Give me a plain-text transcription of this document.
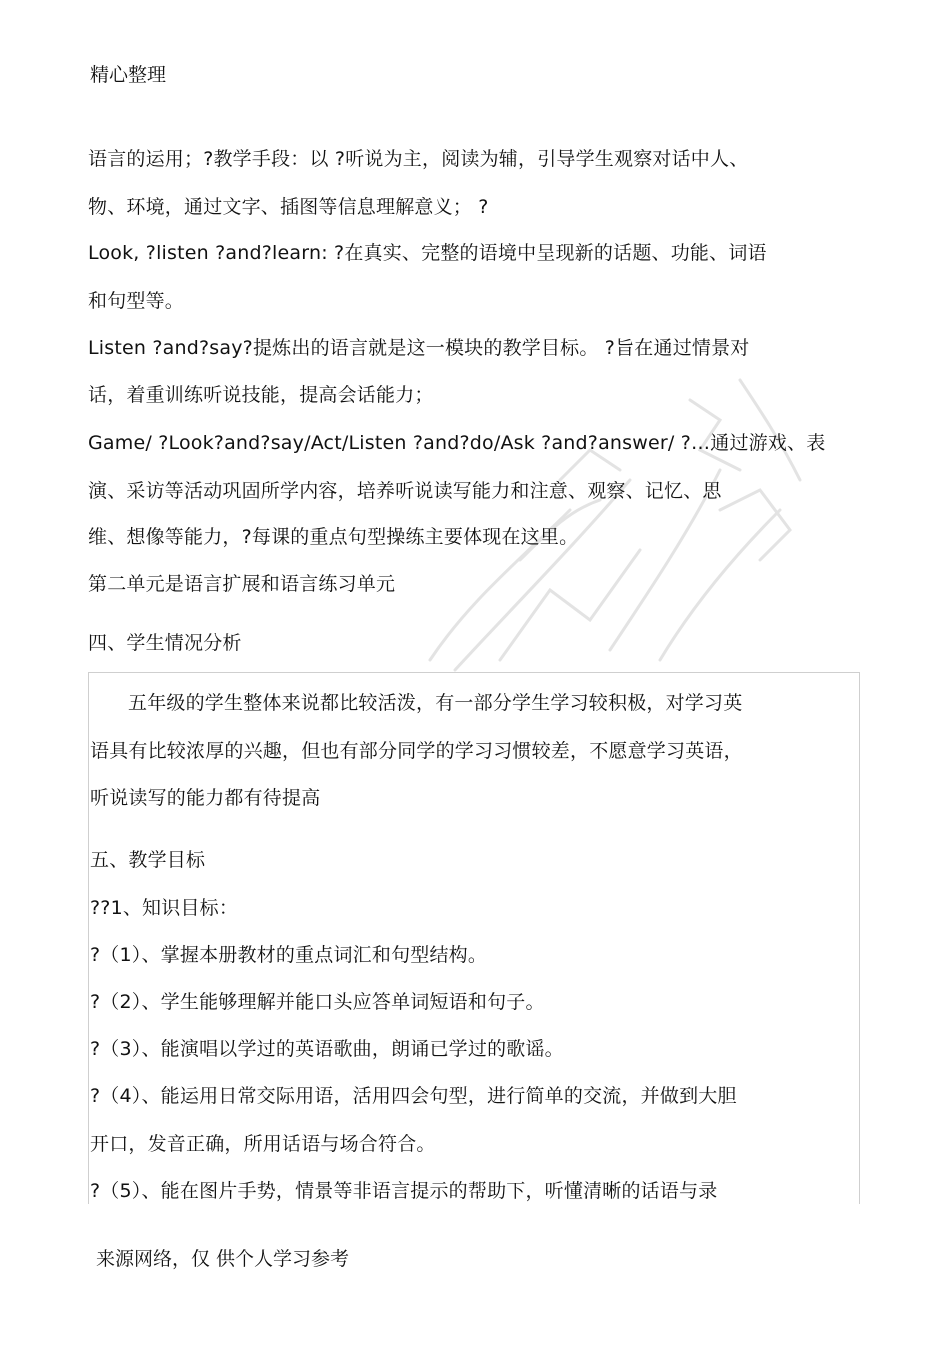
精心整理
语言的运用；?教学手段：以 ?听说为主，阅读为辅，引导学生观察对话中人、
物、环境，通过文字、插图等信息理解意义； ?
Look, ?listen ?and?learn: ?在真实、完整的语境中呈现新的话题、功能、词语
和句型等。
Listen ?and?say?提炼出的语言就是这一模块的教学目标。 ?旨在通过情景对
话，着重训练听说技能，提高会话能力；
Game/ ?Look?and?say/Act/Listen ?and?do/Ask ?and?answer/ ?…通过游戏、表
演、采访等活动巩固所学内容，培养听说读写能力和注意、观察、记忆、思
维、想像等能力，?每课的重点句型操练主要体现在这里。
第二单元是语言扩展和语言练习单元
四、学生情况分析
五年级的学生整体来说都比较活泼，有一部分学生学习较积极，对学习英
语具有比较浓厚的兴趣，但也有部分同学的学习习惯较差，不愿意学习英语，
听说读写的能力都有待提高
五、教学目标
??1、知识目标：
?（1）、掌握本册教材的重点词汇和句型结构。
?（2）、学生能够理解并能口头应答单词短语和句子。
?（3）、能演唱以学过的英语歌曲，朗诵已学过的歌谣。
?（4）、能运用日常交际用语，活用四会句型，进行简单的交流，并做到大胆
开口，发音正确，所用话语与场合符合。
?（5）、能在图片手势，情景等非语言提示的帮助下，听懂清晰的话语与录
来源网络，仅 供个人学习参考
